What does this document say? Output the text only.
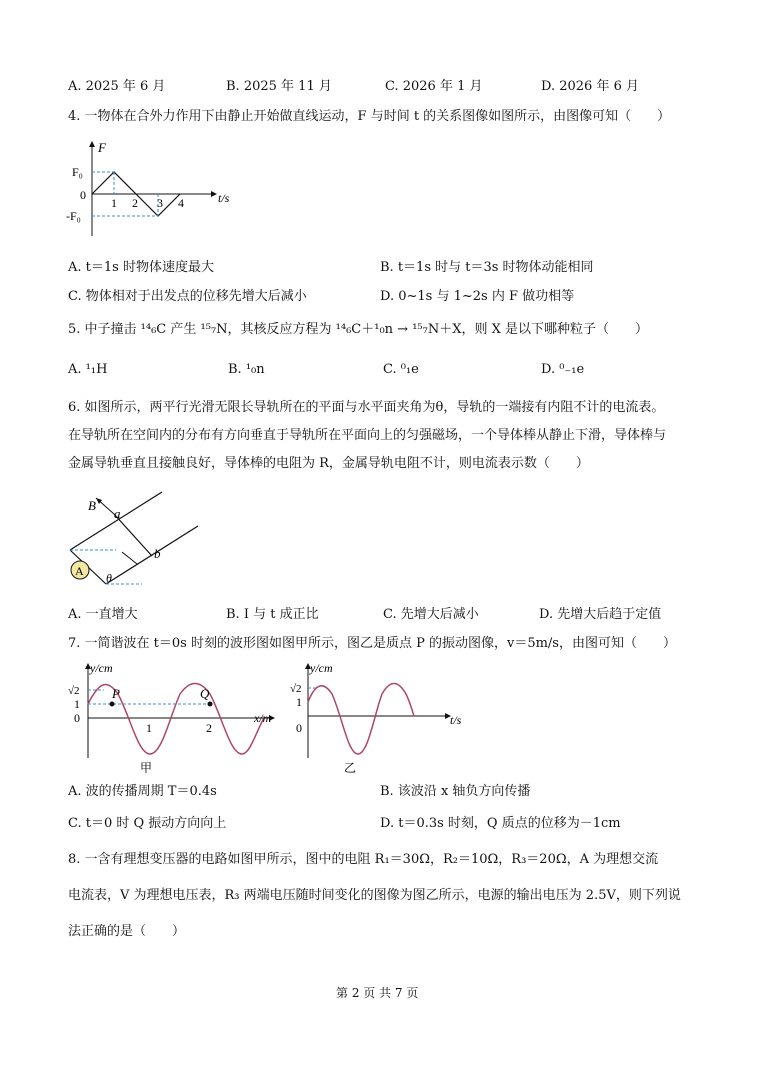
A. 2025 年 6 月	B. 2025 年 11 月	C. 2026 年 1 月	D. 2026 年 6 月
4. 一物体在合外力作用下由静止开始做直线运动，F 与时间 t 的关系图像如图所示，由图像可知（　　）
F
t/s
F₀
-F₀
0
1 2 3 4
A. t＝1s 时物体速度最大	B. t＝1s 时与 t＝3s 时物体动能相同
C. 物体相对于出发点的位移先增大后减小	D. 0~1s 与 1~2s 内 F 做功相等
5. 中子撞击 ¹⁴₆C 产生 ¹⁵₇N，其核反应方程为 ¹⁴₆C＋¹₀n → ¹⁵₇N＋X，则 X 是以下哪种粒子（　　）
A. ¹₁H	B. ¹₀n	C. ⁰₁e	D. ⁰₋₁e
6. 如图所示，两平行光滑无限长导轨所在的平面与水平面夹角为θ，导轨的一端接有内阻不计的电流表。
在导轨所在空间内的分布有方向垂直于导轨所在平面向上的匀强磁场，一个导体棒从静止下滑，导体棒与
金属导轨垂直且接触良好，导体棒的电阻为 R，金属导轨电阻不计，则电流表示数（　　）
A
B
a
b
θ
A. 一直增大	B. I 与 t 成正比	C. 先增大后减小	D. 先增大后趋于定值
7. 一简谐波在 t＝0s 时刻的波形图如图甲所示，图乙是质点 P 的振动图像，v＝5m/s，由图可知（　　）
y/cm
x/m
√2
1
0
1	2
P	Q
甲
y/cm
t/s
√2
1
0
乙
A. 波的传播周期 T＝0.4s	B. 该波沿 x 轴负方向传播
C. t＝0 时 Q 振动方向向上	D. t＝0.3s 时刻，Q 质点的位移为－1cm
8. 一含有理想变压器的电路如图甲所示，图中的电阻 R₁＝30Ω，R₂＝10Ω，R₃＝20Ω，A 为理想交流
电流表，V 为理想电压表，R₃ 两端电压随时间变化的图像为图乙所示，电源的输出电压为 2.5V，则下列说
法正确的是（　　）
第 2 页 共 7 页
